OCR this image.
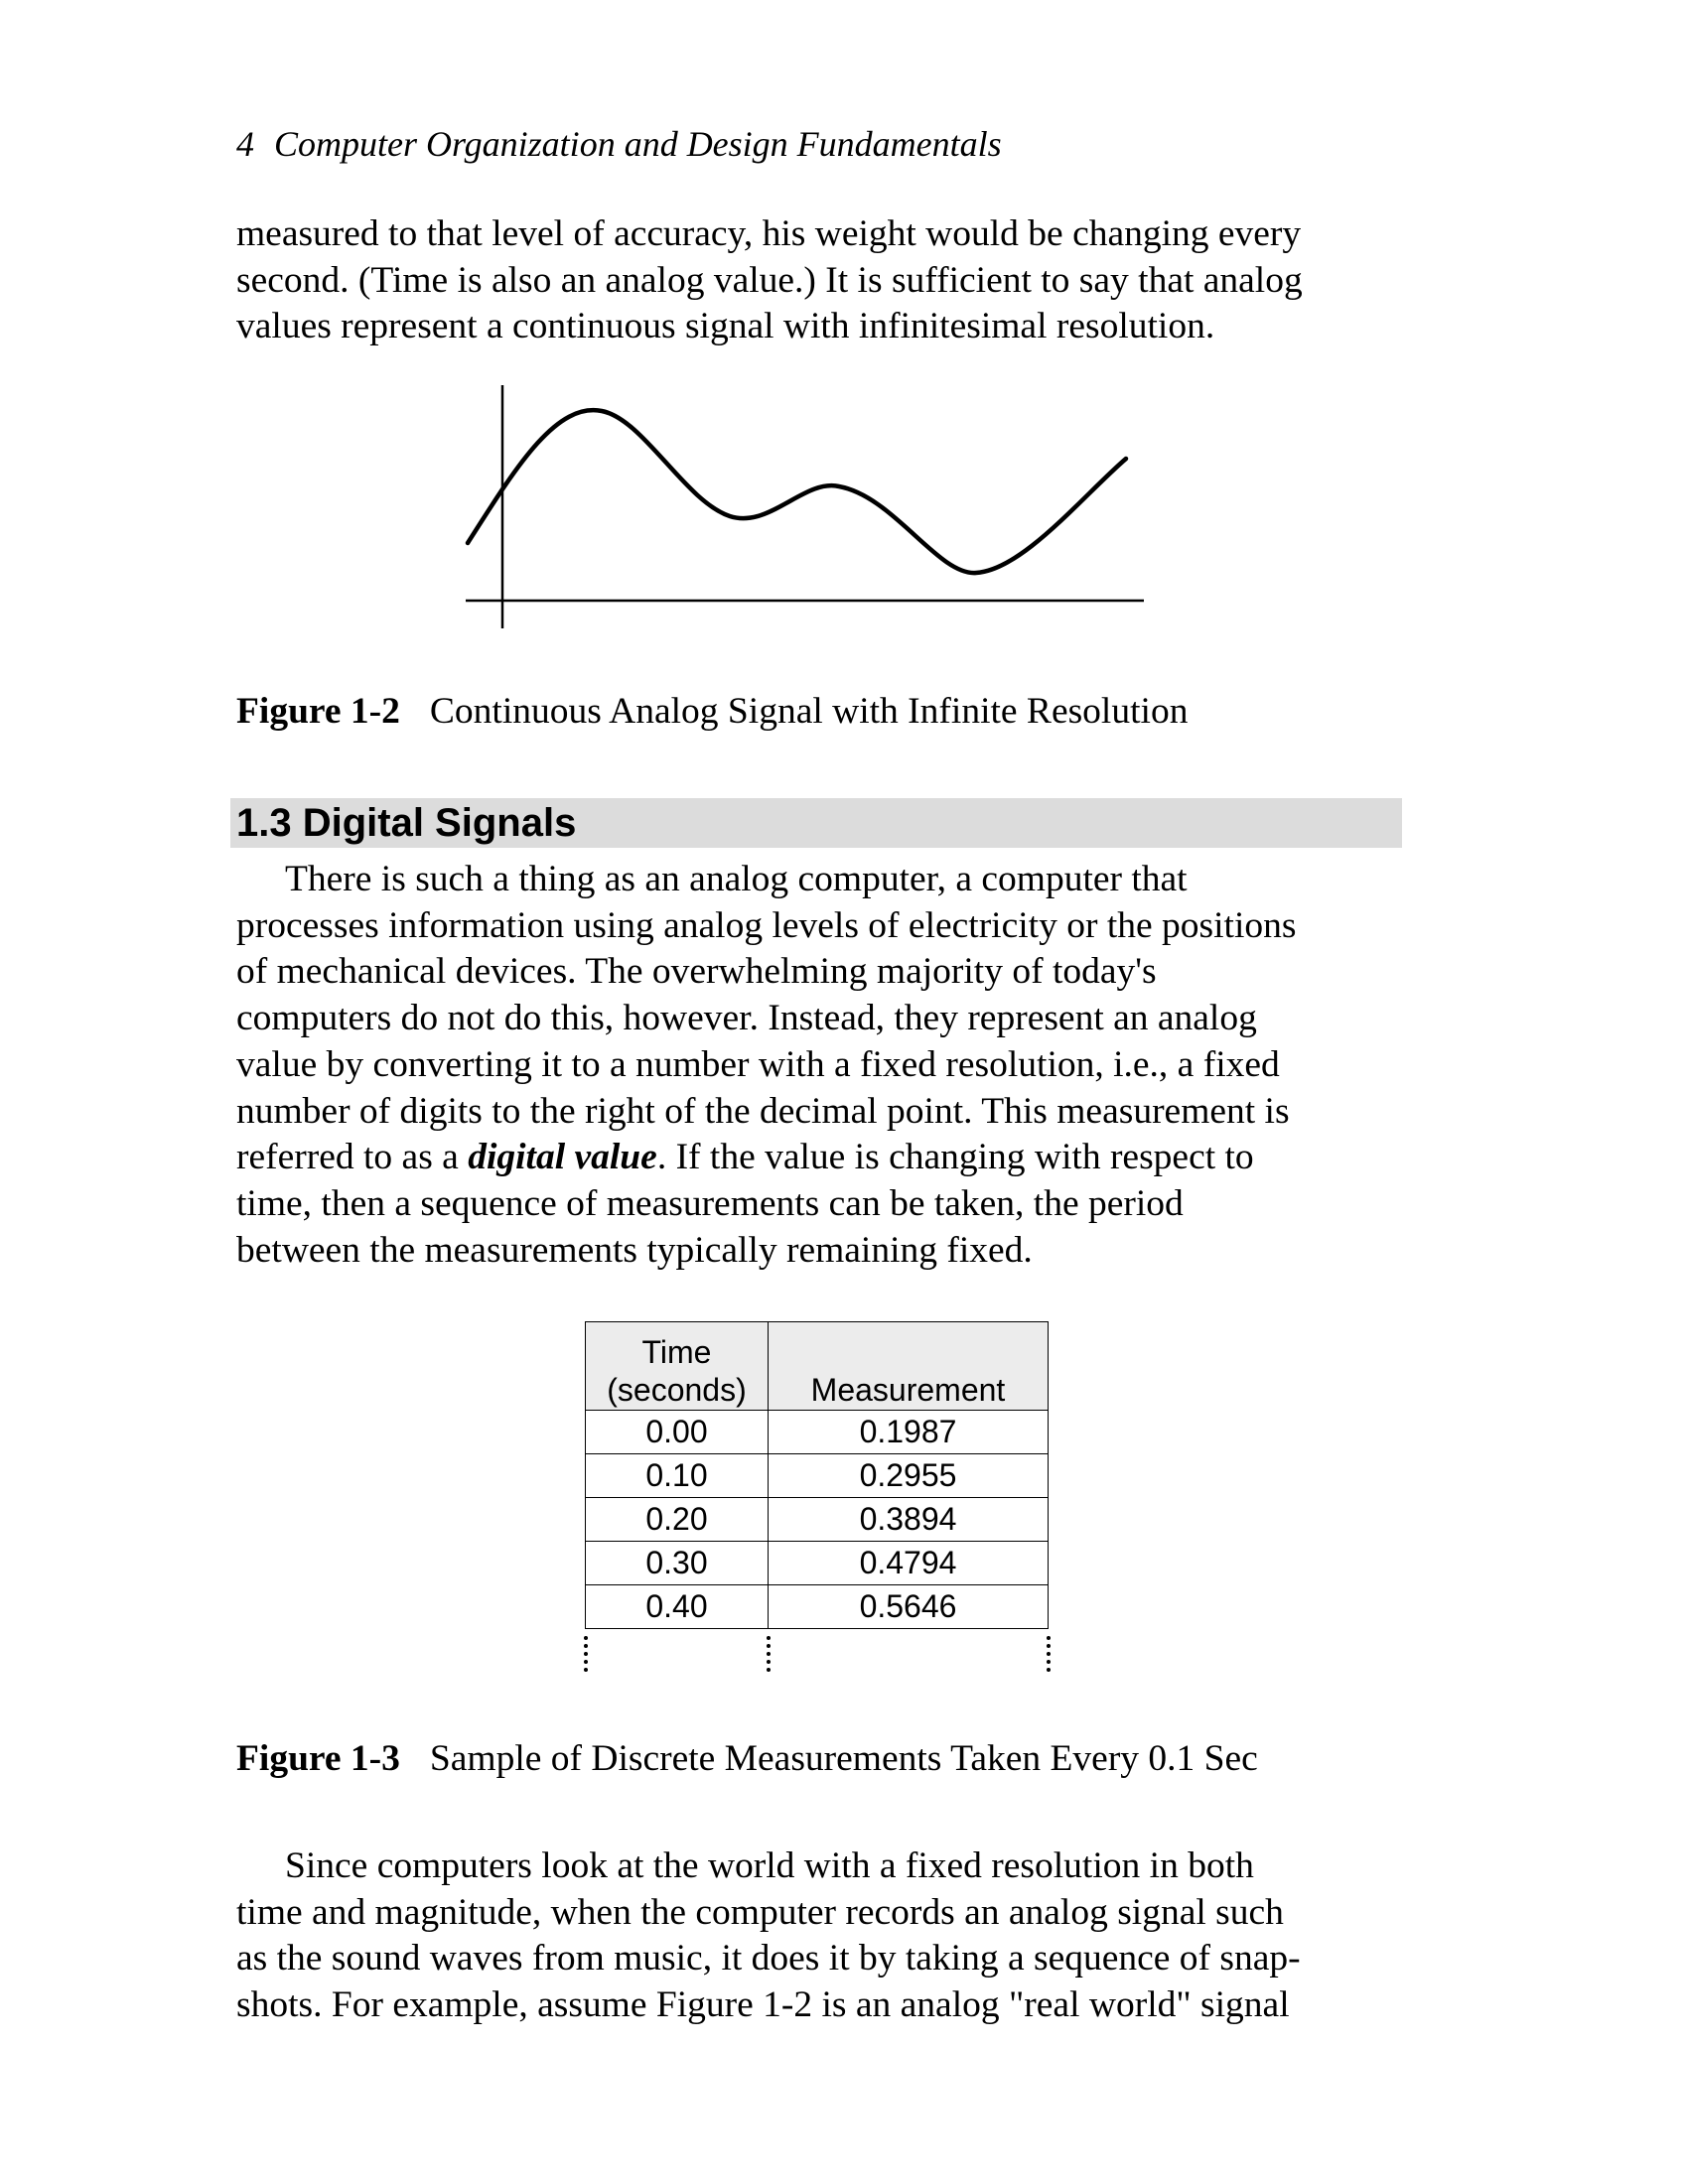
4 Computer Organization and Design Fundamentals
measured to that level of accuracy, his weight would be changing every
second. (Time is also an analog value.) It is sufficient to say that analog
values represent a continuous signal with infinitesimal resolution.
Figure 1-2 Continuous Analog Signal with Infinite Resolution
1.3 Digital Signals
There is such a thing as an analog computer, a computer that
processes information using analog levels of electricity or the positions
of mechanical devices. The overwhelming majority of today's
computers do not do this, however. Instead, they represent an analog
value by converting it to a number with a fixed resolution, i.e., a fixed
number of digits to the right of the decimal point. This measurement is
referred to as a digital value. If the value is changing with respect to
time, then a sequence of measurements can be taken, the period
between the measurements typically remaining fixed.
Time
(seconds)	Measurement
0.00	0.1987
0.10	0.2955
0.20	0.3894
0.30	0.4794
0.40	0.5646
Figure 1-3 Sample of Discrete Measurements Taken Every 0.1 Sec
Since computers look at the world with a fixed resolution in both
time and magnitude, when the computer records an analog signal such
as the sound waves from music, it does it by taking a sequence of snap-
shots. For example, assume Figure 1-2 is an analog "real world" signal
